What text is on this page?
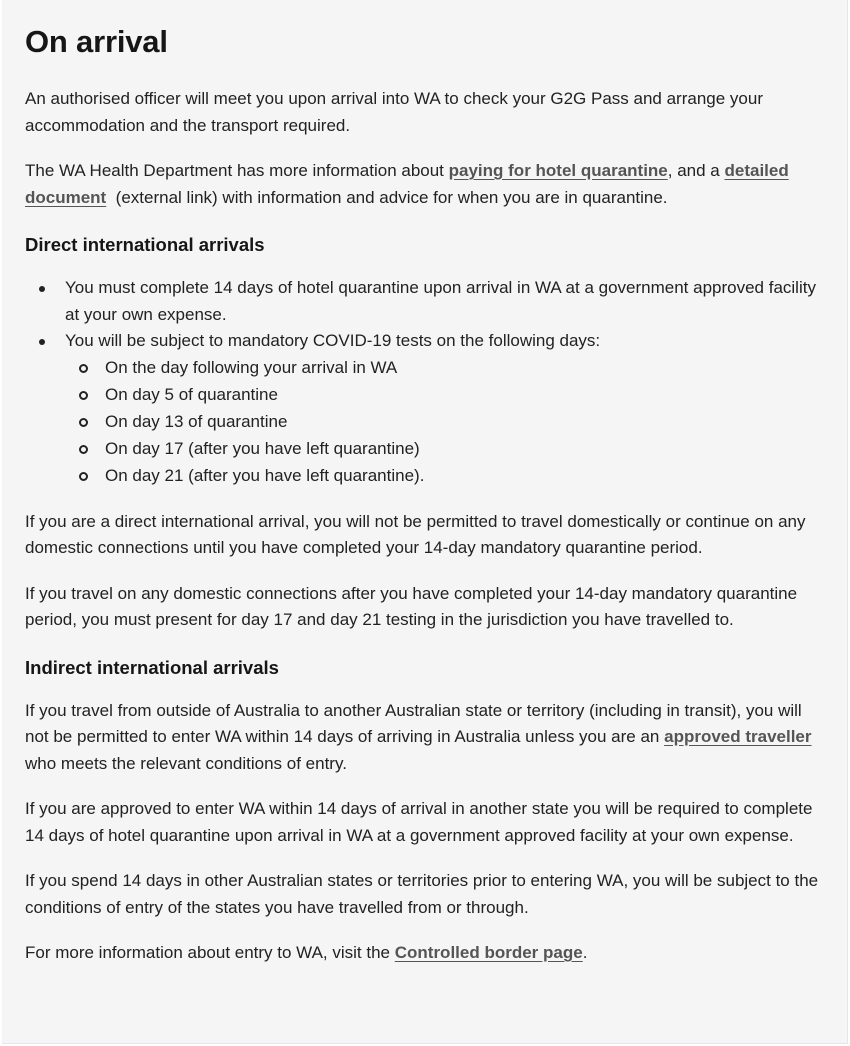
On arrival

An authorised officer will meet you upon arrival into WA to check your G2G Pass and arrange your accommodation and the transport required.

The WA Health Department has more information about paying for hotel quarantine, and a detailed document  (external link) with information and advice for when you are in quarantine.

Direct international arrivals
You must complete 14 days of hotel quarantine upon arrival in WA at a government approved facility at your own expense.
You will be subject to mandatory COVID-19 tests on the following days:
On the day following your arrival in WA
On day 5 of quarantine
On day 13 of quarantine
On day 17 (after you have left quarantine)
On day 21 (after you have left quarantine).

If you are a direct international arrival, you will not be permitted to travel domestically or continue on any domestic connections until you have completed your 14-day mandatory quarantine period.

If you travel on any domestic connections after you have completed your 14-day mandatory quarantine period, you must present for day 17 and day 21 testing in the jurisdiction you have travelled to.

Indirect international arrivals

If you travel from outside of Australia to another Australian state or territory (including in transit), you will not be permitted to enter WA within 14 days of arriving in Australia unless you are an approved traveller who meets the relevant conditions of entry.

If you are approved to enter WA within 14 days of arrival in another state you will be required to complete 14 days of hotel quarantine upon arrival in WA at a government approved facility at your own expense.

If you spend 14 days in other Australian states or territories prior to entering WA, you will be subject to the conditions of entry of the states you have travelled from or through.

For more information about entry to WA, visit the Controlled border page.
